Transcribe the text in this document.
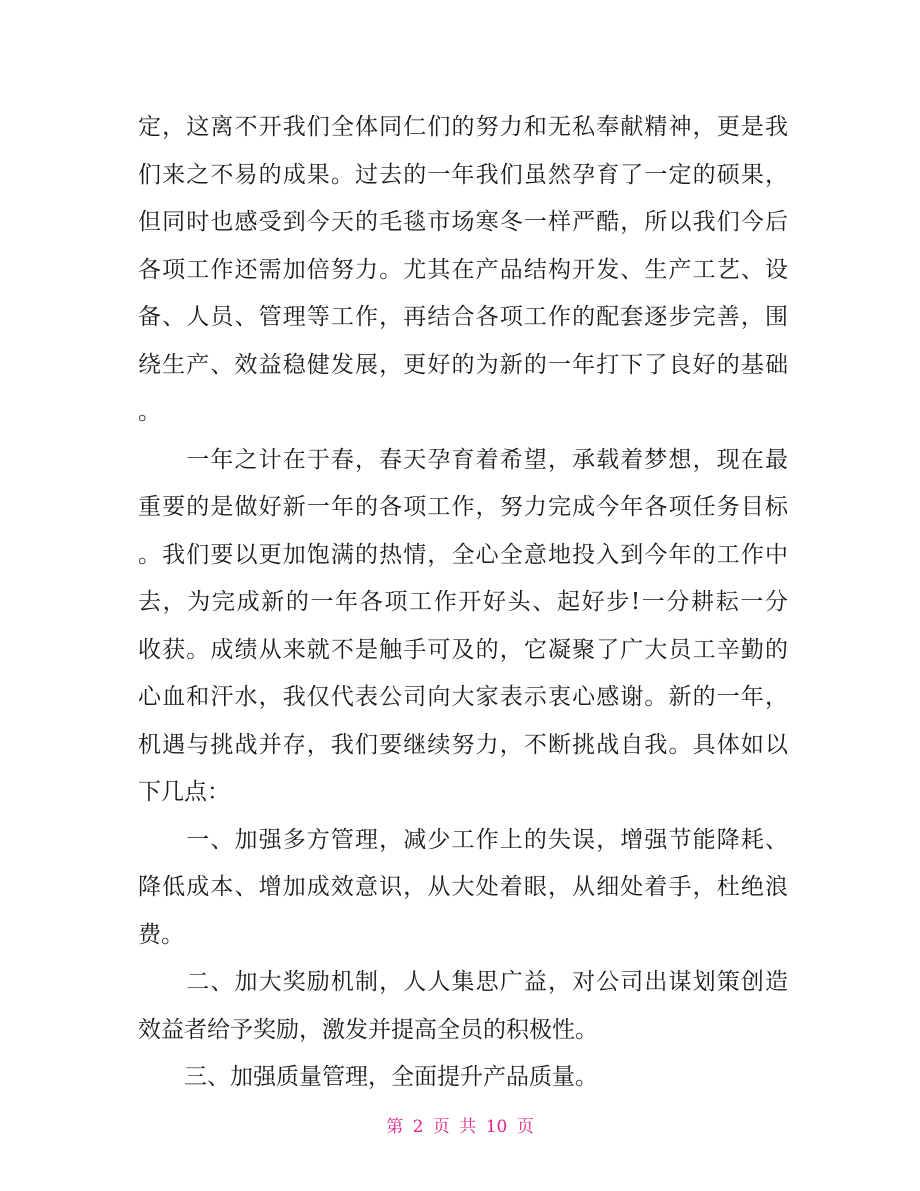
定，这离不开我们全体同仁们的努力和无私奉献精神，更是我
们来之不易的成果。过去的一年我们虽然孕育了一定的硕果，
但同时也感受到今天的毛毯市场寒冬一样严酷，所以我们今后
各项工作还需加倍努力。尤其在产品结构开发、生产工艺、设
备、人员、管理等工作，再结合各项工作的配套逐步完善，围
绕生产、效益稳健发展，更好的为新的一年打下了良好的基础
。
　　一年之计在于春，春天孕育着希望，承载着梦想，现在最
重要的是做好新一年的各项工作，努力完成今年各项任务目标
。我们要以更加饱满的热情，全心全意地投入到今年的工作中
去，为完成新的一年各项工作开好头、起好步!一分耕耘一分
收获。成绩从来就不是触手可及的，它凝聚了广大员工辛勤的
心血和汗水，我仅代表公司向大家表示衷心感谢。新的一年，
机遇与挑战并存，我们要继续努力，不断挑战自我。具体如以
下几点：
　　一、加强多方管理，减少工作上的失误，增强节能降耗、
降低成本、增加成效意识，从大处着眼，从细处着手，杜绝浪
费。
　　二、加大奖励机制，人人集思广益，对公司出谋划策创造
效益者给予奖励，激发并提高全员的积极性。
　　三、加强质量管理，全面提升产品质量。
第 2 页 共 10 页
